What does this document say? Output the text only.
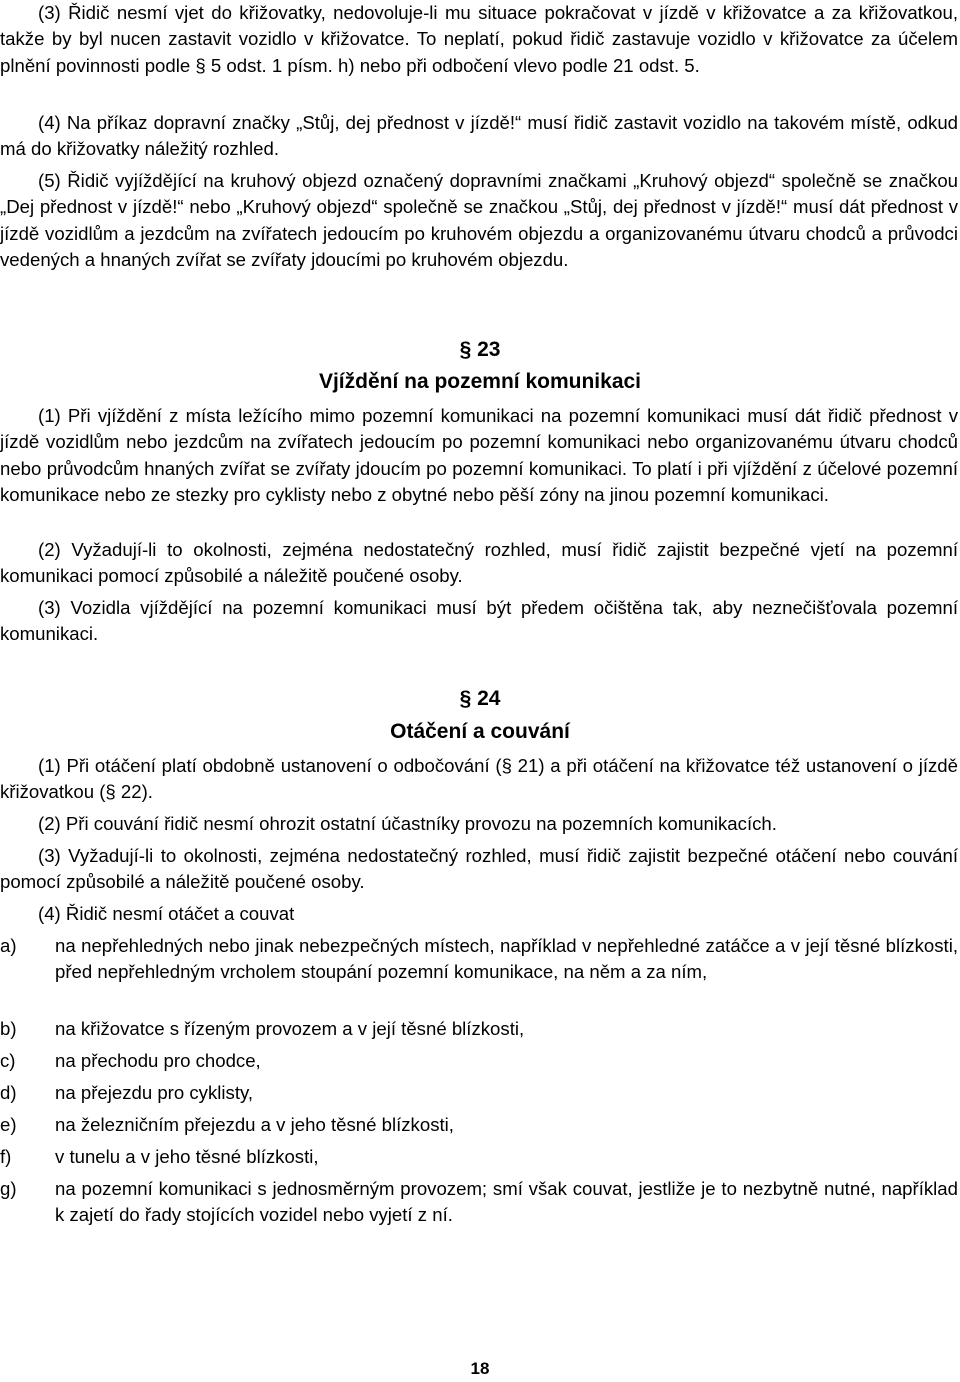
(3) Řidič nesmí vjet do křižovatky, nedovoluje-li mu situace pokračovat v jízdě v křižovatce a za křižovatkou, takže by byl nucen zastavit vozidlo v křižovatce. To neplatí, pokud řidič zastavuje vozidlo v křižovatce za účelem plnění povinnosti podle § 5 odst. 1 písm. h) nebo při odbočení vlevo podle 21 odst. 5.

(4) Na příkaz dopravní značky „Stůj, dej přednost v jízdě!“ musí řidič zastavit vozidlo na takovém místě, odkud má do křižovatky náležitý rozhled.

(5) Řidič vyjíždějící na kruhový objezd označený dopravními značkami „Kruhový objezd“ společně se značkou „Dej přednost v jízdě!“ nebo „Kruhový objezd“ společně se značkou „Stůj, dej přednost v jízdě!“ musí dát přednost v jízdě vozidlům a jezdcům na zvířatech jedoucím po kruhovém objezdu a organizovanému útvaru chodců a průvodci vedených a hnaných zvířat se zvířaty jdoucími po kruhovém objezdu.

§ 23
Vjíždění na pozemní komunikaci

(1) Při vjíždění z místa ležícího mimo pozemní komunikaci na pozemní komunikaci musí dát řidič přednost v jízdě vozidlům nebo jezdcům na zvířatech jedoucím po pozemní komunikaci nebo organizovanému útvaru chodců nebo průvodcům hnaných zvířat se zvířaty jdoucím po pozemní komunikaci. To platí i při vjíždění z účelové pozemní komunikace nebo ze stezky pro cyklisty nebo z obytné nebo pěší zóny na jinou pozemní komunikaci.

(2) Vyžadují-li to okolnosti, zejména nedostatečný rozhled, musí řidič zajistit bezpečné vjetí na pozemní komunikaci pomocí způsobilé a náležitě poučené osoby.

(3) Vozidla vjíždějící na pozemní komunikaci musí být předem očištěna tak, aby neznečišťovala pozemní komunikaci.

§ 24
Otáčení a couvání

(1) Při otáčení platí obdobně ustanovení o odbočování (§ 21) a při otáčení na křižovatce též ustanovení o jízdě křižovatkou (§ 22).

(2) Při couvání řidič nesmí ohrozit ostatní účastníky provozu na pozemních komunikacích.

(3) Vyžadují-li to okolnosti, zejména nedostatečný rozhled, musí řidič zajistit bezpečné otáčení nebo couvání pomocí způsobilé a náležitě poučené osoby.

(4) Řidič nesmí otáčet a couvat

a)	na nepřehledných nebo jinak nebezpečných místech, například v nepřehledné zatáčce a v její těsné blízkosti, před nepřehledným vrcholem stoupání pozemní komunikace, na něm a za ním,
b)	na křižovatce s řízeným provozem a v její těsné blízkosti,
c)	na přechodu pro chodce,
d)	na přejezdu pro cyklisty,
e)	na železničním přejezdu a v jeho těsné blízkosti,
f)	v tunelu a v jeho těsné blízkosti,
g)	na pozemní komunikaci s jednosměrným provozem; smí však couvat, jestliže je to nezbytně nutné, například k zajetí do řady stojících vozidel nebo vyjetí z ní.
18
